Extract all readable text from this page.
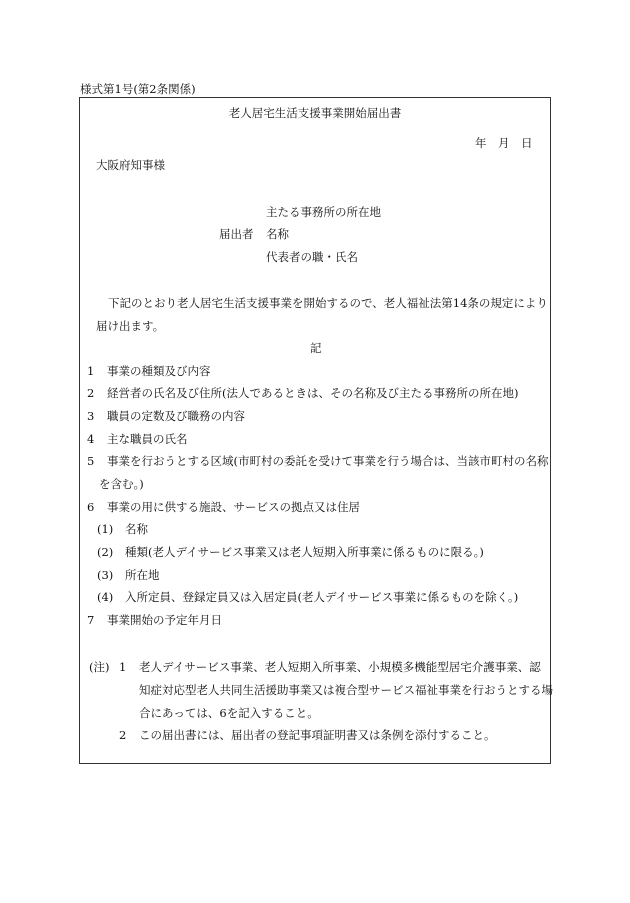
様式第1号(第2条関係)
老人居宅生活支援事業開始届出書
年　月　日
大阪府知事様
主たる事務所の所在地
届出者 名称
代表者の職・氏名
下記のとおり老人居宅生活支援事業を開始するので、老人福祉法第14条の規定により
届け出ます。
記
1 事業の種類及び内容
2 経営者の氏名及び住所(法人であるときは、その名称及び主たる事務所の所在地)
3 職員の定数及び職務の内容
4 主な職員の氏名
5 事業を行おうとする区域(市町村の委託を受けて事業を行う場合は、当該市町村の名称
を含む。)
6 事業の用に供する施設、サービスの拠点又は住居
(1) 名称
(2) 種類(老人デイサービス事業又は老人短期入所事業に係るものに限る。)
(3) 所在地
(4) 入所定員、登録定員又は入居定員(老人デイサービス事業に係るものを除く。)
7 事業開始の予定年月日
(注) 1 老人デイサービス事業、老人短期入所事業、小規模多機能型居宅介護事業、認
知症対応型老人共同生活援助事業又は複合型サービス福祉事業を行おうとする場
合にあっては、6を記入すること。
2 この届出書には、届出者の登記事項証明書又は条例を添付すること。
